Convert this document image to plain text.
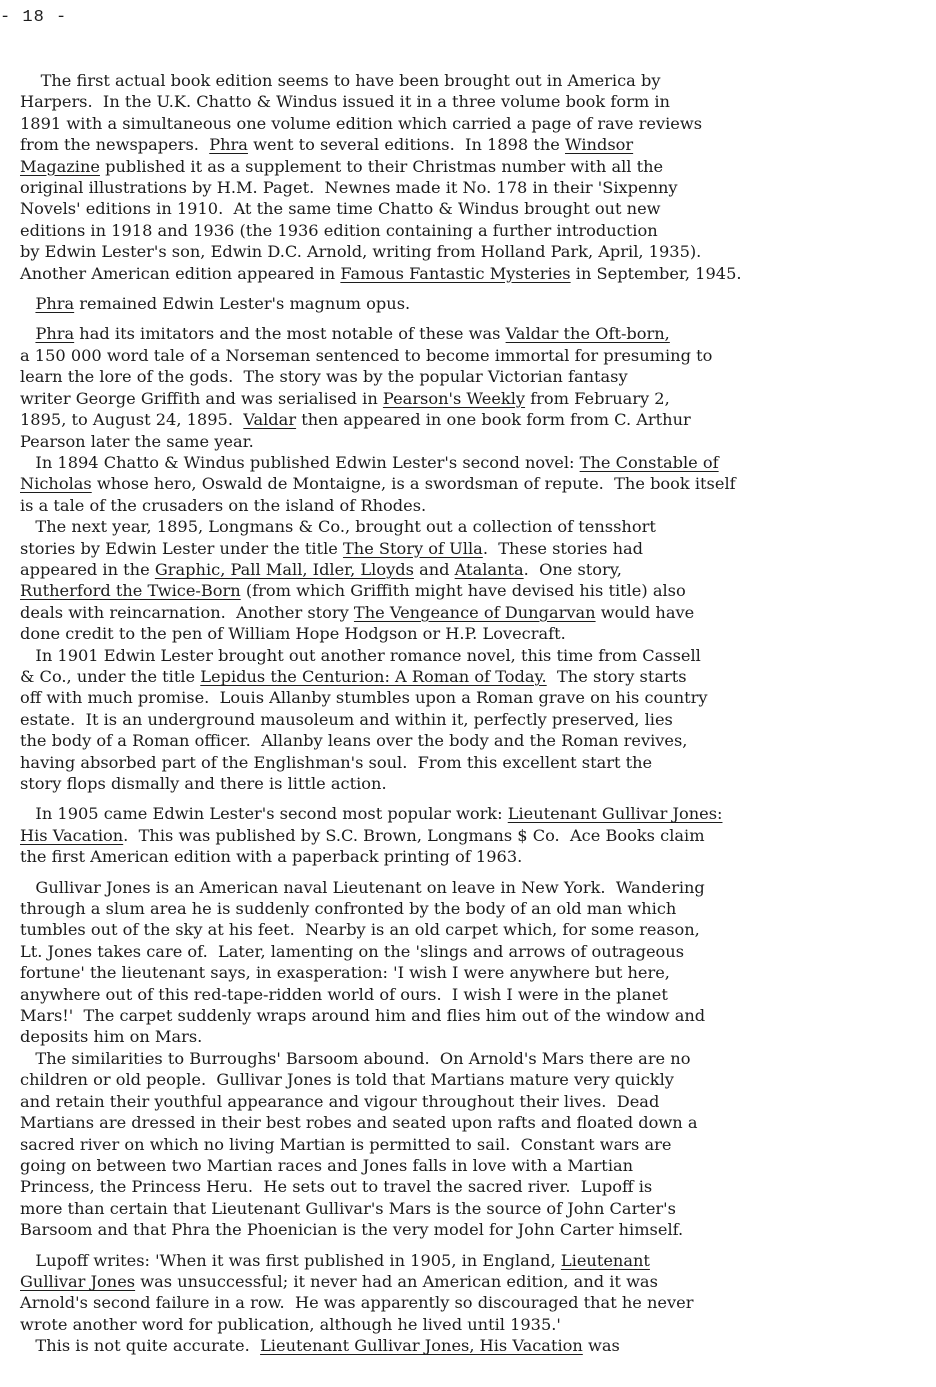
- 18 -
The first actual book edition seems to have been brought out in America by
Harpers.  In the U.K. Chatto & Windus issued it in a three volume book form in
1891 with a simultaneous one volume edition which carried a page of rave reviews
from the newspapers.  Phra went to several editions.  In 1898 the Windsor
Magazine published it as a supplement to their Christmas number with all the
original illustrations by H.M. Paget.  Newnes made it No. 178 in their 'Sixpenny
Novels' editions in 1910.  At the same time Chatto & Windus brought out new
editions in 1918 and 1936 (the 1936 edition containing a further introduction
by Edwin Lester's son, Edwin D.C. Arnold, writing from Holland Park, April, 1935).
Another American edition appeared in Famous Fantastic Mysteries in September, 1945.
Phra remained Edwin Lester's magnum opus.
Phra had its imitators and the most notable of these was Valdar the Oft-born,
a 150 000 word tale of a Norseman sentenced to become immortal for presuming to
learn the lore of the gods.  The story was by the popular Victorian fantasy
writer George Griffith and was serialised in Pearson's Weekly from February 2,
1895, to August 24, 1895.  Valdar then appeared in one book form from C. Arthur
Pearson later the same year.
In 1894 Chatto & Windus published Edwin Lester's second novel: The Constable of
Nicholas whose hero, Oswald de Montaigne, is a swordsman of repute.  The book itself
is a tale of the crusaders on the island of Rhodes.
The next year, 1895, Longmans & Co., brought out a collection of tensshort
stories by Edwin Lester under the title The Story of Ulla.  These stories had
appeared in the Graphic, Pall Mall, Idler, Lloyds and Atalanta.  One story,
Rutherford the Twice-Born (from which Griffith might have devised his title) also
deals with reincarnation.  Another story The Vengeance of Dungarvan would have
done credit to the pen of William Hope Hodgson or H.P. Lovecraft.
In 1901 Edwin Lester brought out another romance novel, this time from Cassell
& Co., under the title Lepidus the Centurion: A Roman of Today.  The story starts
off with much promise.  Louis Allanby stumbles upon a Roman grave on his country
estate.  It is an underground mausoleum and within it, perfectly preserved, lies
the body of a Roman officer.  Allanby leans over the body and the Roman revives,
having absorbed part of the Englishman's soul.  From this excellent start the
story flops dismally and there is little action.
In 1905 came Edwin Lester's second most popular work: Lieutenant Gullivar Jones:
His Vacation.  This was published by S.C. Brown, Longmans $ Co.  Ace Books claim
the first American edition with a paperback printing of 1963.
Gullivar Jones is an American naval Lieutenant on leave in New York.  Wandering
through a slum area he is suddenly confronted by the body of an old man which
tumbles out of the sky at his feet.  Nearby is an old carpet which, for some reason,
Lt. Jones takes care of.  Later, lamenting on the 'slings and arrows of outrageous
fortune' the lieutenant says, in exasperation: 'I wish I were anywhere but here,
anywhere out of this red-tape-ridden world of ours.  I wish I were in the planet
Mars!'  The carpet suddenly wraps around him and flies him out of the window and
deposits him on Mars.
The similarities to Burroughs' Barsoom abound.  On Arnold's Mars there are no
children or old people.  Gullivar Jones is told that Martians mature very quickly
and retain their youthful appearance and vigour throughout their lives.  Dead
Martians are dressed in their best robes and seated upon rafts and floated down a
sacred river on which no living Martian is permitted to sail.  Constant wars are
going on between two Martian races and Jones falls in love with a Martian
Princess, the Princess Heru.  He sets out to travel the sacred river.  Lupoff is
more than certain that Lieutenant Gullivar's Mars is the source of John Carter's
Barsoom and that Phra the Phoenician is the very model for John Carter himself.
Lupoff writes: 'When it was first published in 1905, in England, Lieutenant
Gullivar Jones was unsuccessful; it never had an American edition, and it was
Arnold's second failure in a row.  He was apparently so discouraged that he never
wrote another word for publication, although he lived until 1935.'
This is not quite accurate.  Lieutenant Gullivar Jones, His Vacation was
